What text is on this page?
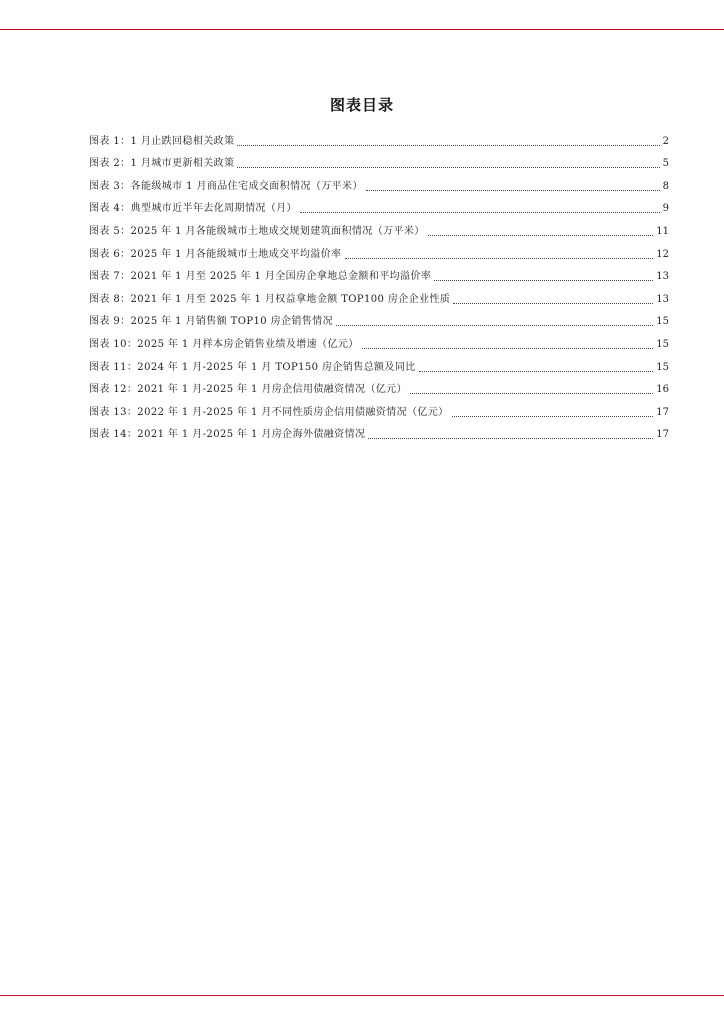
图表目录
图表 1：1 月止跌回稳相关政策	2
图表 2：1 月城市更新相关政策	5
图表 3：各能级城市 1 月商品住宅成交面积情况（万平米）	8
图表 4：典型城市近半年去化周期情况（月）	9
图表 5：2025 年 1 月各能级城市土地成交规划建筑面积情况（万平米）	11
图表 6：2025 年 1 月各能级城市土地成交平均溢价率	12
图表 7：2021 年 1 月至 2025 年 1 月全国房企拿地总金额和平均溢价率	13
图表 8：2021 年 1 月至 2025 年 1 月权益拿地金额 TOP100 房企企业性质	13
图表 9：2025 年 1 月销售额 TOP10 房企销售情况	15
图表 10：2025 年 1 月样本房企销售业绩及增速（亿元）	15
图表 11：2024 年 1 月-2025 年 1 月 TOP150 房企销售总额及同比	15
图表 12：2021 年 1 月-2025 年 1 月房企信用债融资情况（亿元）	16
图表 13：2022 年 1 月-2025 年 1 月不同性质房企信用债融资情况（亿元）	17
图表 14：2021 年 1 月-2025 年 1 月房企海外债融资情况	17
